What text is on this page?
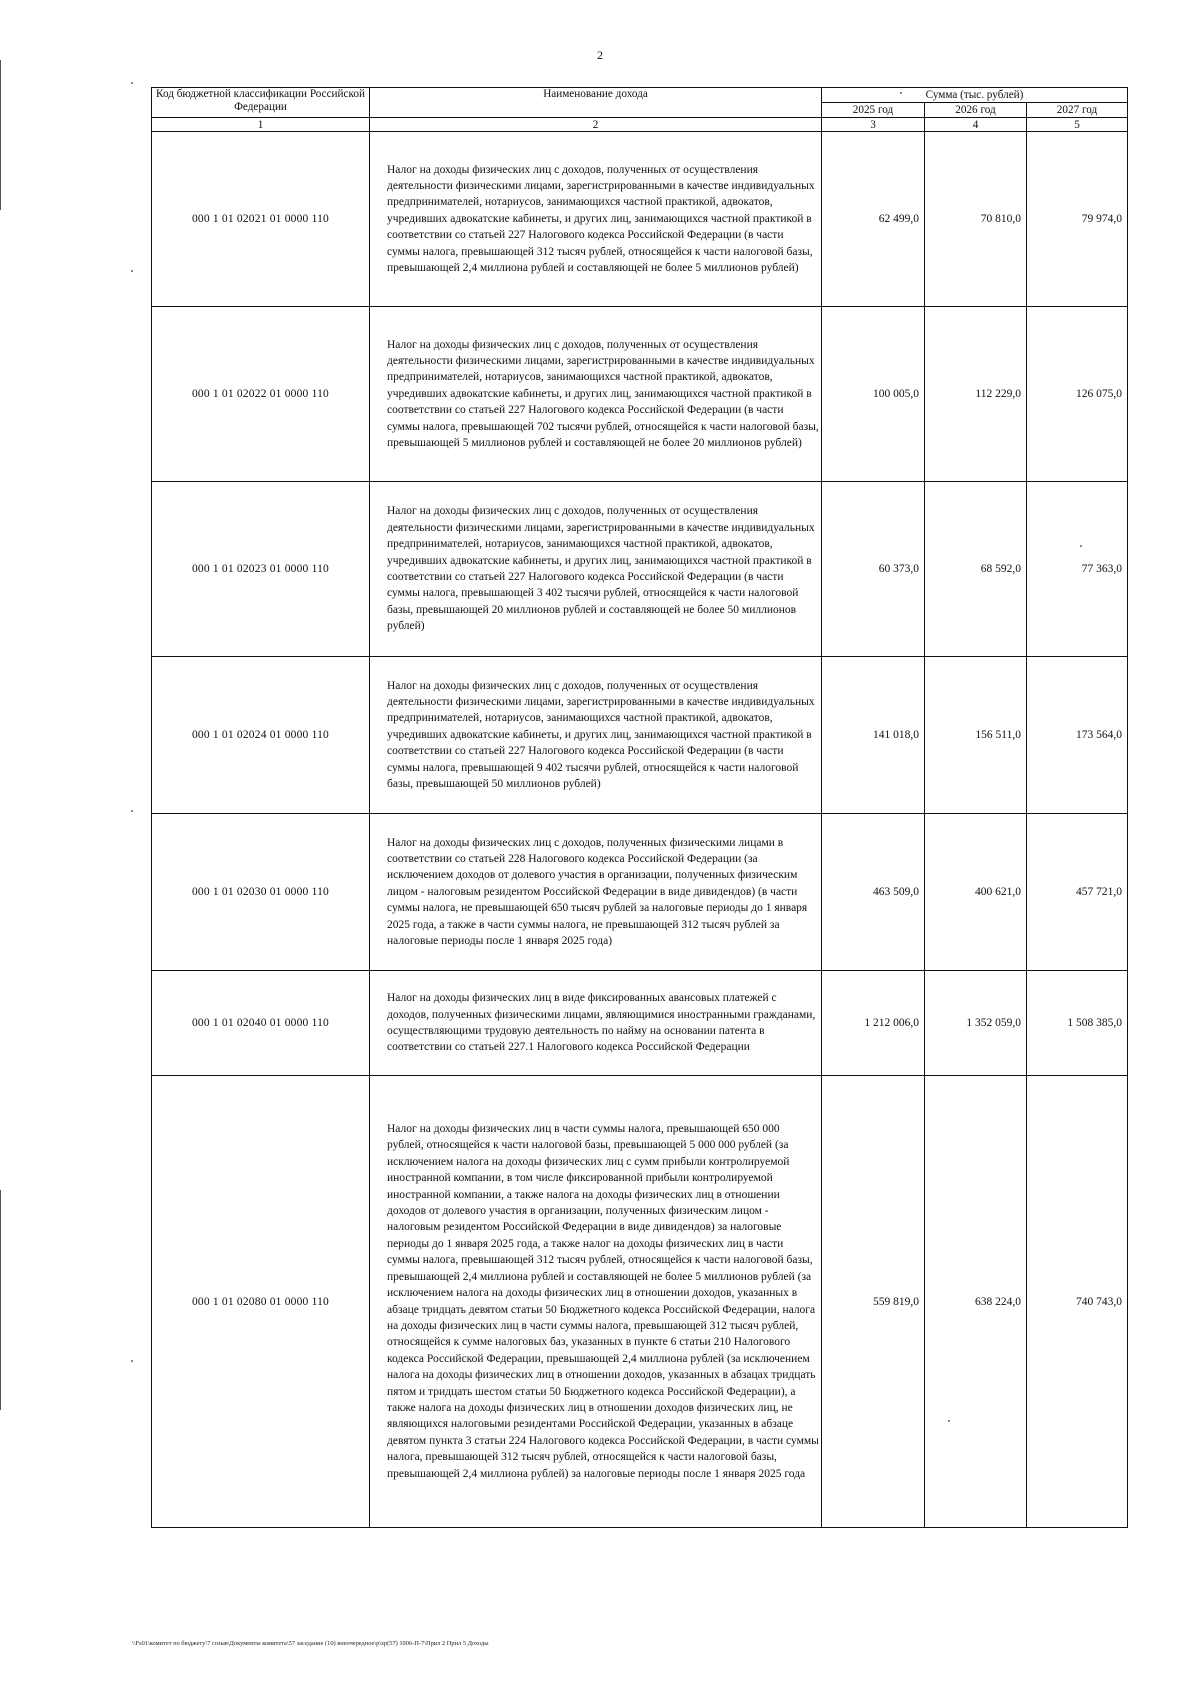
2
Код бюджетной классификации Российской Федерации	Наименование дохода	Сумма (тыс. рублей)		
		2025 год	2026 год	2027 год
1	2	3	4	5
000 1 01 02021 01 0000 110	Налог на доходы физических лиц с доходов, полученных от осуществления деятельности физическими лицами, зарегистрированными в качестве индивидуальных предпринимателей, нотариусов, занимающихся частной практикой, адвокатов, учредивших адвокатские кабинеты, и других лиц, занимающихся частной практикой в соответствии со статьей 227 Налогового кодекса Российской Федерации (в части суммы налога, превышающей 312 тысяч рублей, относящейся к части налоговой базы, превышающей 2,4 миллиона рублей и составляющей не более 5 миллионов рублей)	62 499,0	70 810,0	79 974,0
000 1 01 02022 01 0000 110	Налог на доходы физических лиц с доходов, полученных от осуществления деятельности физическими лицами, зарегистрированными в качестве индивидуальных предпринимателей, нотариусов, занимающихся частной практикой, адвокатов, учредивших адвокатские кабинеты, и других лиц, занимающихся частной практикой в соответствии со статьей 227 Налогового кодекса Российской Федерации (в части суммы налога, превышающей 702 тысячи рублей, относящейся к части налоговой базы, превышающей 5 миллионов рублей и составляющей не более 20 миллионов рублей)	100 005,0	112 229,0	126 075,0
000 1 01 02023 01 0000 110	Налог на доходы физических лиц с доходов, полученных от осуществления деятельности физическими лицами, зарегистрированными в качестве индивидуальных предпринимателей, нотариусов, занимающихся частной практикой, адвокатов, учредивших адвокатские кабинеты, и других лиц, занимающихся частной практикой в соответствии со статьей 227 Налогового кодекса Российской Федерации (в части суммы налога, превышающей 3 402 тысячи рублей, относящейся к части налоговой базы, превышающей 20 миллионов рублей и составляющей не более 50 миллионов рублей)	60 373,0	68 592,0	77 363,0
000 1 01 02024 01 0000 110	Налог на доходы физических лиц с доходов, полученных от осуществления деятельности физическими лицами, зарегистрированными в качестве индивидуальных предпринимателей, нотариусов, занимающихся частной практикой, адвокатов, учредивших адвокатские кабинеты, и других лиц, занимающихся частной практикой в соответствии со статьей 227 Налогового кодекса Российской Федерации (в части суммы налога, превышающей 9 402 тысячи рублей, относящейся к части налоговой базы, превышающей 50 миллионов рублей)	141 018,0	156 511,0	173 564,0
000 1 01 02030 01 0000 110	Налог на доходы физических лиц с доходов, полученных физическими лицами в соответствии со статьей 228 Налогового кодекса Российской Федерации (за исключением доходов от долевого участия в организации, полученных физическим лицом - налоговым резидентом Российской Федерации в виде дивидендов) (в части суммы налога, не превышающей 650 тысяч рублей за налоговые периоды до 1 января 2025 года, а также в части суммы налога, не превышающей 312 тысяч рублей за налоговые периоды после 1 января 2025 года)	463 509,0	400 621,0	457 721,0
000 1 01 02040 01 0000 110	Налог на доходы физических лиц в виде фиксированных авансовых платежей с доходов, полученных физическими лицами, являющимися иностранными гражданами, осуществляющими трудовую деятельность по найму на основании патента в соответствии со статьей 227.1 Налогового кодекса Российской Федерации	1 212 006,0	1 352 059,0	1 508 385,0
000 1 01 02080 01 0000 110	Налог на доходы физических лиц в части суммы налога, превышающей 650 000 рублей, относящейся к части налоговой базы, превышающей 5 000 000 рублей (за исключением налога на доходы физических лиц с сумм прибыли контролируемой иностранной компании, в том числе фиксированной прибыли контролируемой иностранной компании, а также налога на доходы физических лиц в отношении доходов от долевого участия в организации, полученных физическим лицом - налоговым резидентом Российской Федерации в виде дивидендов) за налоговые периоды до 1 января 2025 года, а также налог на доходы физических лиц в части суммы налога, превышающей 312 тысяч рублей, относящейся к части налоговой базы, превышающей 2,4 миллиона рублей и составляющей не более 5 миллионов рублей (за исключением налога на доходы физических лиц в отношении доходов, указанных в абзаце тридцать девятом статьи 50 Бюджетного кодекса Российской Федерации, налога на доходы физических лиц в части суммы налога, превышающей 312 тысяч рублей, относящейся к сумме налоговых баз, указанных в пункте 6 статьи 210 Налогового кодекса Российской Федерации, превышающей 2,4 миллиона рублей (за исключением налога на доходы физических лиц в отношении доходов, указанных в абзацах тридцать пятом и тридцать шестом статьи 50 Бюджетного кодекса Российской Федерации), а также налога на доходы физических лиц в отношении доходов физических лиц, не являющихся налоговыми резидентами Российской Федерации, указанных в абзаце девятом пункта 3 статьи 224 Налогового кодекса Российской Федерации, в части суммы налога, превышающей 312 тысяч рублей, относящейся к части налоговой базы, превышающей 2,4 миллиона рублей) за налоговые периоды после 1 января 2025 года	559 819,0	638 224,0	740 743,0
\\Fs01\комитет по бюджету\7 созыв\Документы комитета\57 заседание (10) внеочередное\р\zp(57) 1006-П-7\Прил 2 Прил 5 Доходы
